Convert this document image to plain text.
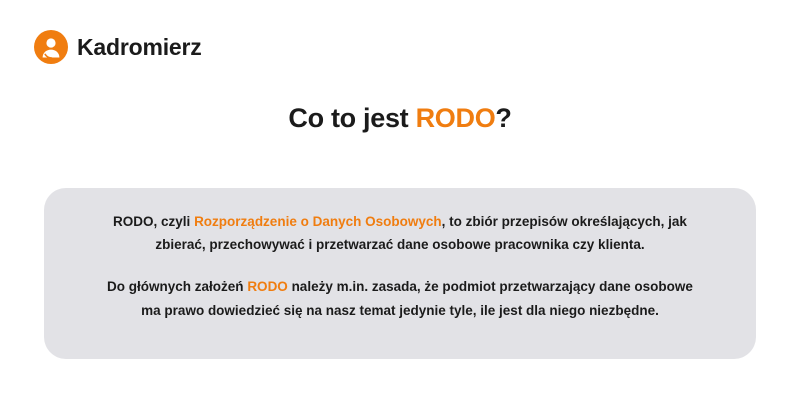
Kadromierz
Co to jest RODO?

RODO, czyli Rozporządzenie o Danych Osobowych, to zbiór przepisów określających, jak zbierać, przechowywać i przetwarzać dane osobowe pracownika czy klienta.

Do głównych założeń RODO należy m.in. zasada, że podmiot przetwarzający dane osobowe ma prawo dowiedzieć się na nasz temat jedynie tyle, ile jest dla niego niezbędne.
